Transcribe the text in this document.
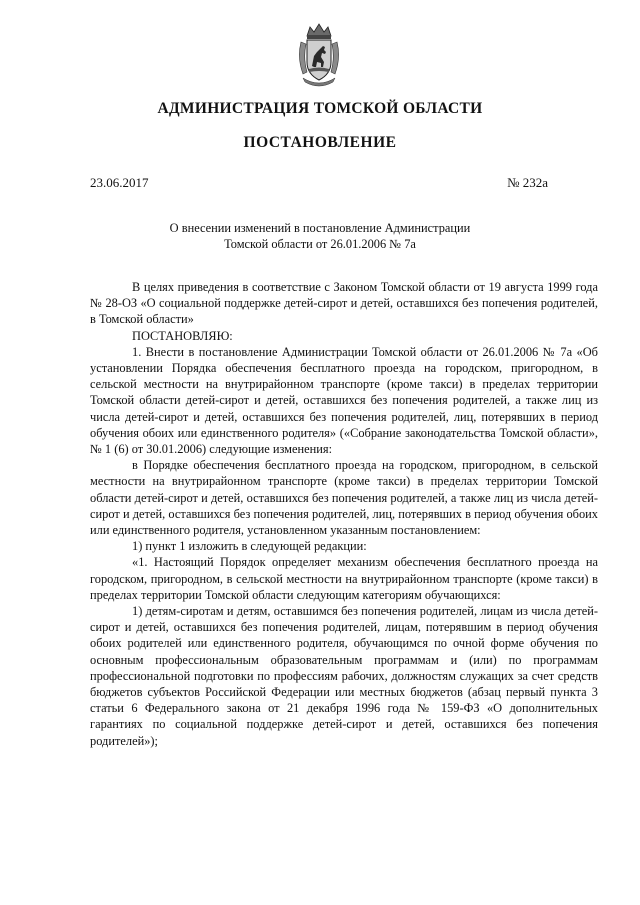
АДМИНИСТРАЦИЯ ТОМСКОЙ ОБЛАСТИ
ПОСТАНОВЛЕНИЕ
23.06.2017	№ 232а
О внесении изменений в постановление Администрации
Томской области от 26.01.2006 № 7а

В целях приведения в соответствие с Законом Томской области от 19 августа 1999 года № 28-ОЗ «О социальной поддержке детей-сирот и детей, оставшихся без попечения родителей, в Томской области»

ПОСТАНОВЛЯЮ:

1. Внести в постановление Администрации Томской области от 26.01.2006 № 7а «Об установлении Порядка обеспечения бесплатного проезда на городском, пригородном, в сельской местности на внутрирайонном транспорте (кроме такси) в пределах территории Томской области детей-сирот и детей, оставшихся без попечения родителей, а также лиц из числа детей-сирот и детей, оставшихся без попечения родителей, лиц, потерявших в период обучения обоих или единственного родителя» («Собрание законодательства Томской области», № 1 (6) от 30.01.2006) следующие изменения:

в Порядке обеспечения бесплатного проезда на городском, пригородном, в сельской местности на внутрирайонном транспорте (кроме такси) в пределах территории Томской области детей-сирот и детей, оставшихся без попечения родителей, а также лиц из числа детей-сирот и детей, оставшихся без попечения родителей, лиц, потерявших в период обучения обоих или единственного родителя, установленном указанным постановлением:

1) пункт 1 изложить в следующей редакции:

«1. Настоящий Порядок определяет механизм обеспечения бесплатного проезда на городском, пригородном, в сельской местности на внутрирайонном транспорте (кроме такси) в пределах территории Томской области следующим категориям обучающихся:

1) детям-сиротам и детям, оставшимся без попечения родителей, лицам из числа детей-сирот и детей, оставшихся без попечения родителей, лицам, потерявшим в период обучения обоих родителей или единственного родителя, обучающимся по очной форме обучения по основным профессиональным образовательным программам и (или) по программам профессиональной подготовки по профессиям рабочих, должностям служащих за счет средств бюджетов субъектов Российской Федерации или местных бюджетов (абзац первый пункта 3 статьи 6 Федерального закона от 21 декабря 1996 года № 159-ФЗ «О дополнительных гарантиях по социальной поддержке детей-сирот и детей, оставшихся без попечения родителей»);
